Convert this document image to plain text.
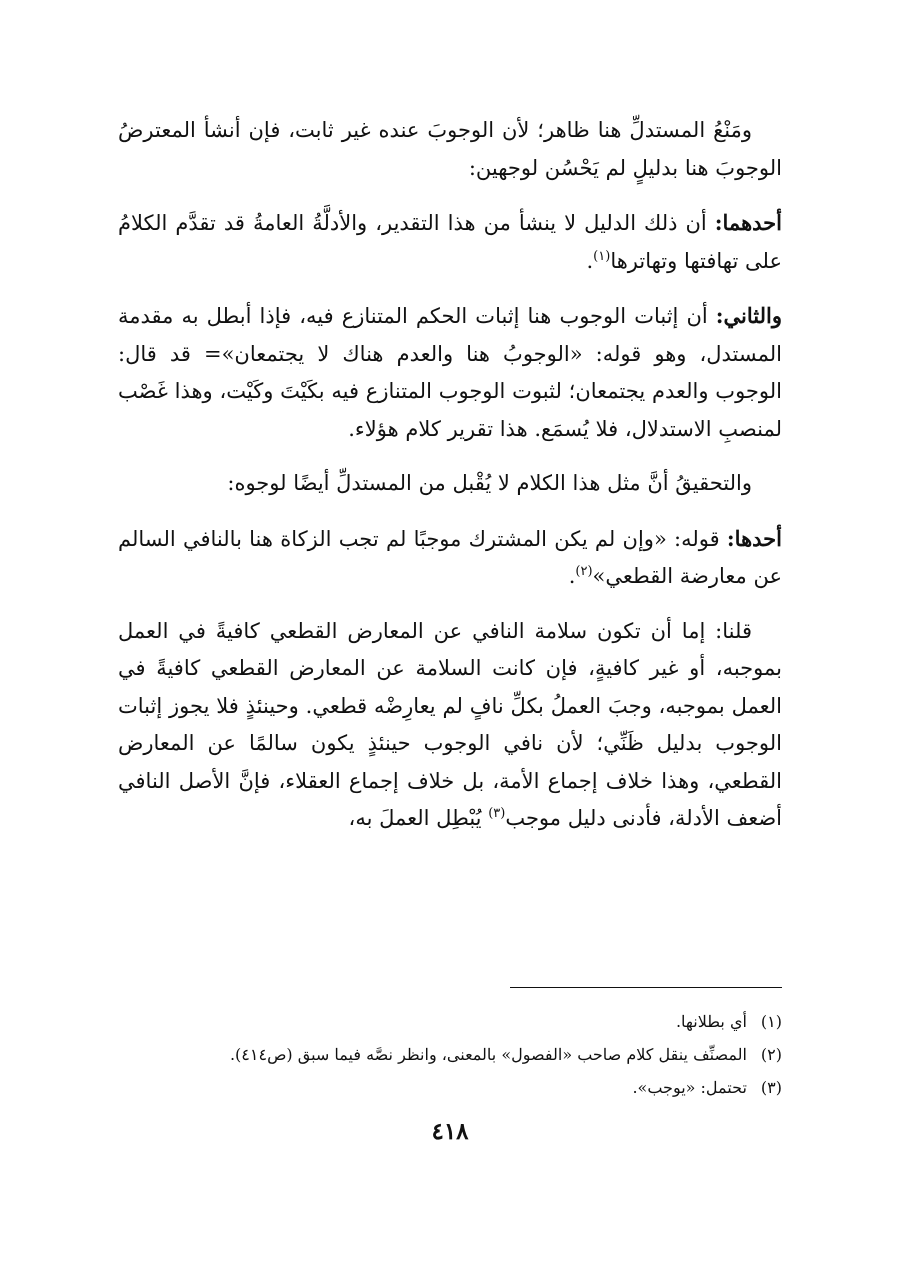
ومَنْعُ المستدلِّ هنا ظاهر؛ لأن الوجوبَ عنده غير ثابت، فإن أنشأ المعترضُ الوجوبَ هنا بدليلٍ لم يَحْسُن لوجهين:

أحدهما: أن ذلك الدليل لا ينشأ من هذا التقدير، والأدلَّةُ العامةُ قد تقدَّم الكلامُ على تهافتها وتهاترها$^{(١)}$.

والثاني: أن إثبات الوجوب هنا إثبات الحكم المتنازع فيه، فإذا أبطل به مقدمة المستدل، وهو قوله: «الوجوبُ هنا والعدم هناك لا يجتمعان»= قد قال: الوجوب والعدم يجتمعان؛ لثبوت الوجوب المتنازع فيه بكَيْتَ وكَيْت، وهذا غَصْب لمنصبِ الاستدلال، فلا يُسمَع. هذا تقرير كلام هؤلاء.

والتحقيقُ أنَّ مثل هذا الكلام لا يُقْبل من المستدلِّ أيضًا لوجوه:

أحدها: قوله: «وإن لم يكن المشترك موجبًا لم تجب الزكاة هنا بالنافي السالم عن معارضة القطعي»$^{(٢)}$.

قلنا: إما أن تكون سلامة النافي عن المعارض القطعي كافيةً في العمل بموجبه، أو غير كافيةٍ، فإن كانت السلامة عن المعارض القطعي كافيةً في العمل بموجبه، وجبَ العملُ بكلِّ نافٍ لم يعارِضْه قطعي. وحينئذٍ فلا يجوز إثبات الوجوب بدليل ظَنِّي؛ لأن نافي الوجوب حينئذٍ يكون سالمًا عن المعارض القطعي، وهذا خلاف إجماع الأمة، بل خلاف إجماع العقلاء، فإنَّ الأصل النافي أضعف الأدلة، فأدنى دليل موجب$^{(٣)}$ يُبْطِل العملَ به،

(١) أي بطلانها.

(٢) المصنِّف ينقل كلام صاحب «الفصول» بالمعنى، وانظر نصَّه فيما سبق (ص٤١٤).

(٣) تحتمل: «يوجب».

٤١٨
